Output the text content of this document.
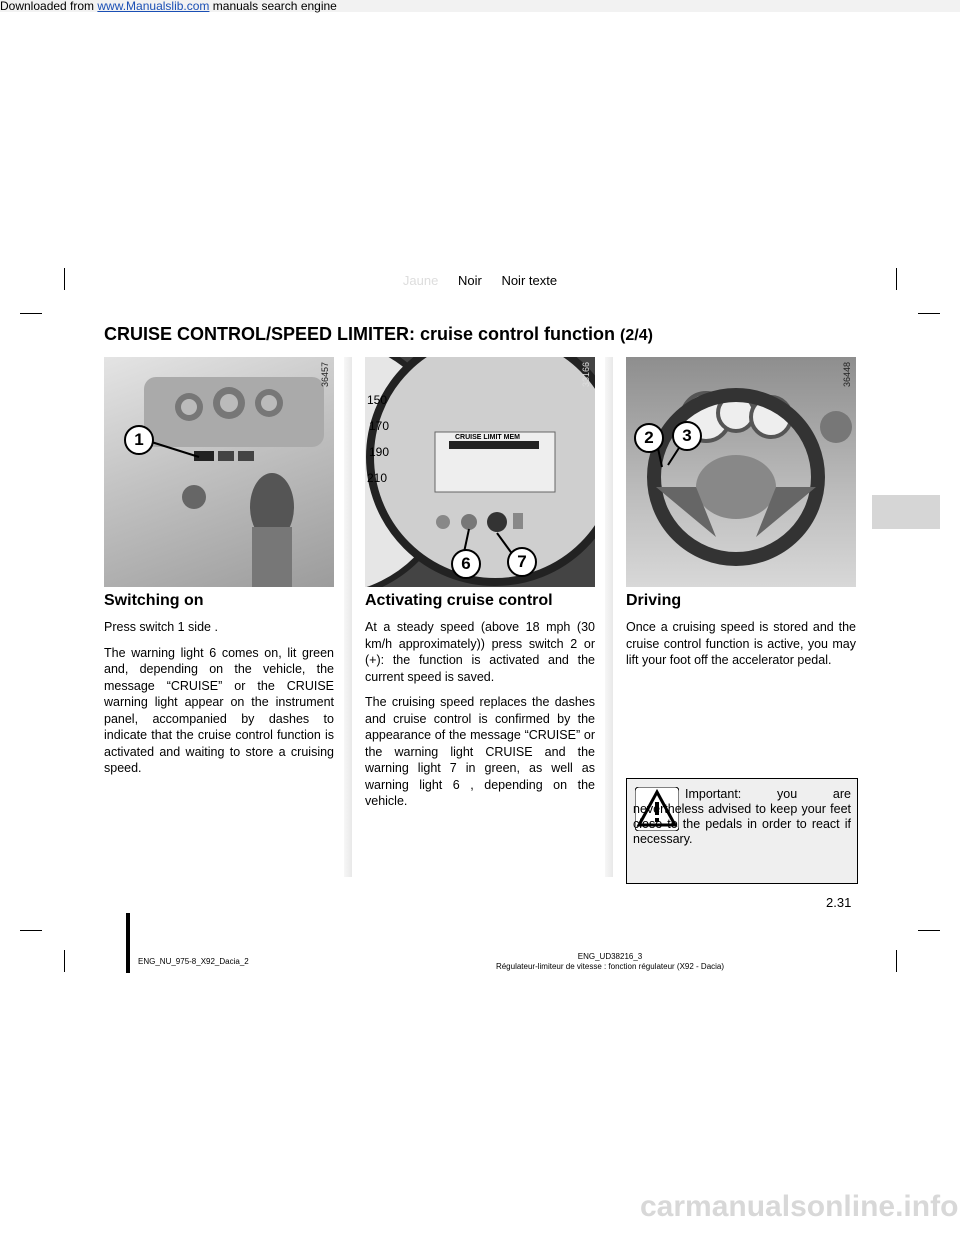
Downloaded from www.Manualslib.com manuals search engine
Jaune Noir Noir texte
CRUISE CONTROL/SPEED LIMITER: cruise control function (2/4)
1
36457
150
170
190
210
CRUISE LIMIT MEM
6	7
33166
2	3
36448
Switching on

Press switch 1 side .

The warning light 6 comes on, lit green and, depending on the vehicle, the message “CRUISE” or the CRUISE warning light appear on the instrument panel, accompanied by dashes to indicate that the cruise control function is activated and waiting to store a cruising speed.

Activating cruise control

At a steady speed (above 18 mph (30 km/h approximately)) press switch 2 or (+): the function is activated and the current speed is saved.

The cruising speed replaces the dashes and cruise control is confirmed by the appearance of the message “CRUISE” or the warning light CRUISE and the warning light 7 in green, as well as warning light 6 , depending on the vehicle.

Driving

Once a cruising speed is stored and the cruise control function is active, you may lift your foot off the accelerator pedal.

Important: you are nevertheless advised to keep your feet close to the pedals in order to react if necessary.

2.31
ENG_NU_975-8_X92_Dacia_2
ENG_UD38216_3
Régulateur-limiteur de vitesse : fonction régulateur (X92 - Dacia)
carmanualsonline.info
